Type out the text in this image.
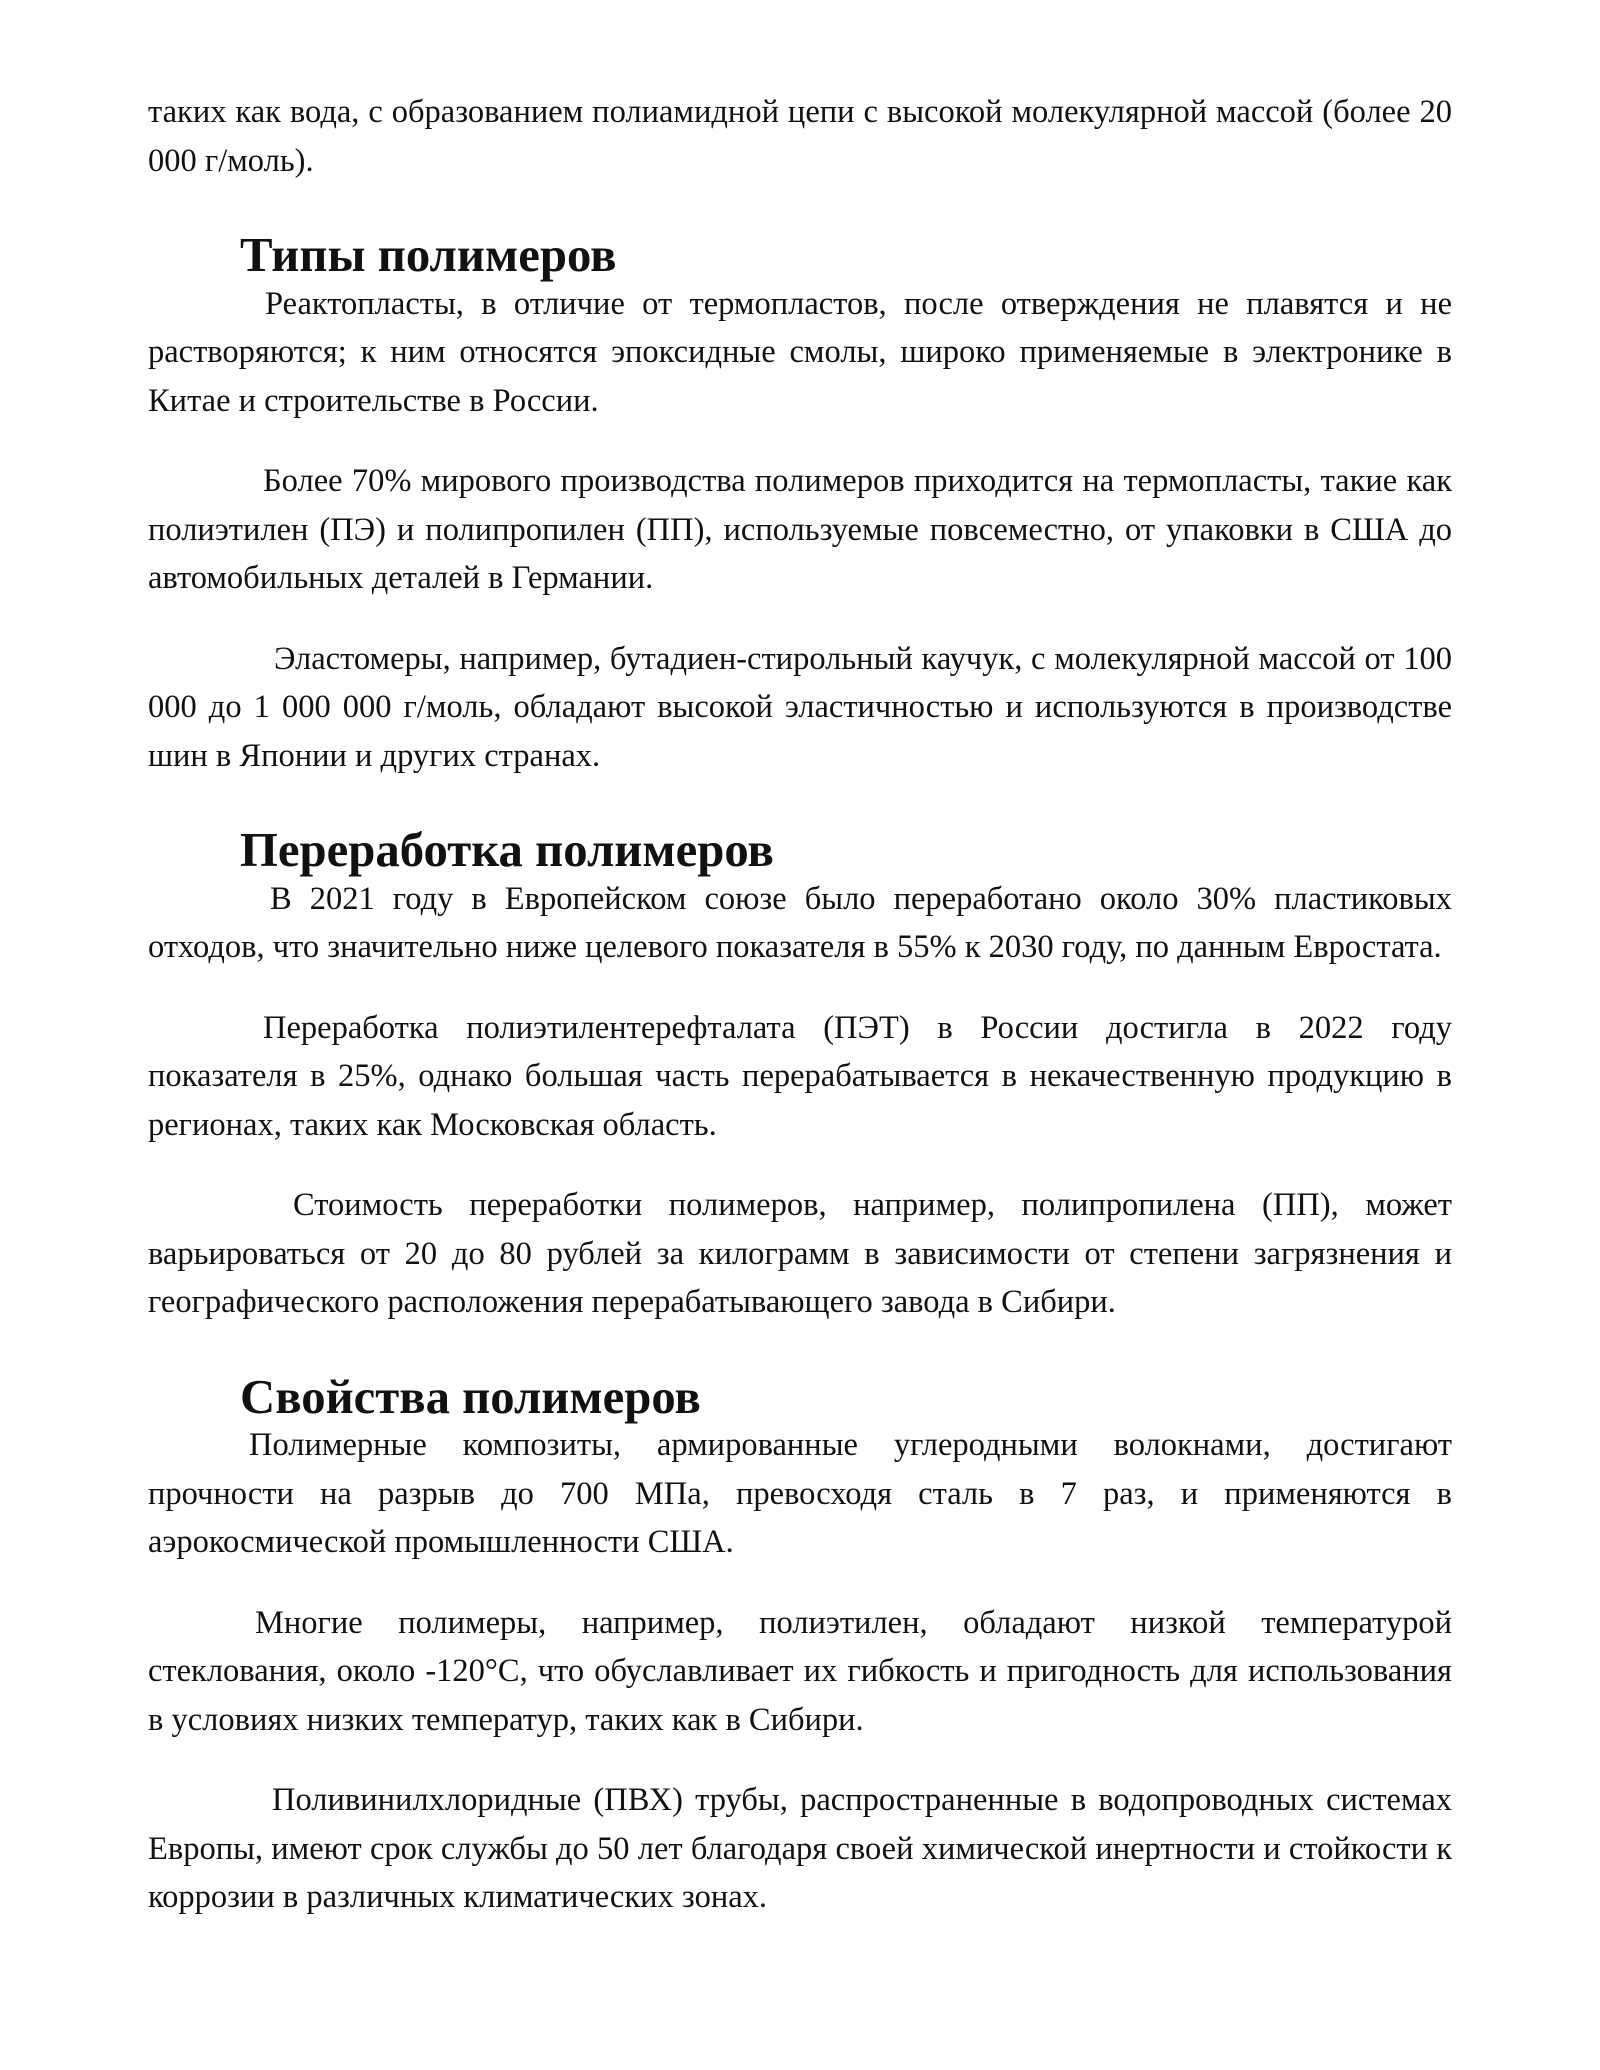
таких как вода, с образованием полиамидной цепи с высокой молекулярной массой (более 20 000 г/моль).

Типы полимеров

Реактопласты, в отличие от термопластов, после отверждения не плавятся и не растворяются; к ним относятся эпоксидные смолы, широко применяемые в электронике в Китае и строительстве в России.

Более 70% мирового производства полимеров приходится на термопласты, такие как полиэтилен (ПЭ) и полипропилен (ПП), используемые повсеместно, от упаковки в США до автомобильных деталей в Германии.

Эластомеры, например, бутадиен-стирольный каучук, с молекулярной массой от 100 000 до 1 000 000 г/моль, обладают высокой эластичностью и используются в производстве шин в Японии и других странах.

Переработка полимеров

В 2021 году в Европейском союзе было переработано около 30% пластиковых отходов, что значительно ниже целевого показателя в 55% к 2030 году, по данным Евростата.

Переработка полиэтилентерефталата (ПЭТ) в России достигла в 2022 году показателя в 25%, однако большая часть перерабатывается в некачественную продукцию в регионах, таких как Московская область.

Стоимость переработки полимеров, например, полипропилена (ПП), может варьироваться от 20 до 80 рублей за килограмм в зависимости от степени загрязнения и географического расположения перерабатывающего завода в Сибири.

Свойства полимеров

Полимерные композиты, армированные углеродными волокнами, достигают прочности на разрыв до 700 МПа, превосходя сталь в 7 раз, и применяются в аэрокосмической промышленности США.

Многие полимеры, например, полиэтилен, обладают низкой температурой стеклования, около -120°C, что обуславливает их гибкость и пригодность для использования в условиях низких температур, таких как в Сибири.

Поливинилхлоридные (ПВХ) трубы, распространенные в водопроводных системах Европы, имеют срок службы до 50 лет благодаря своей химической инертности и стойкости к коррозии в различных климатических зонах.
